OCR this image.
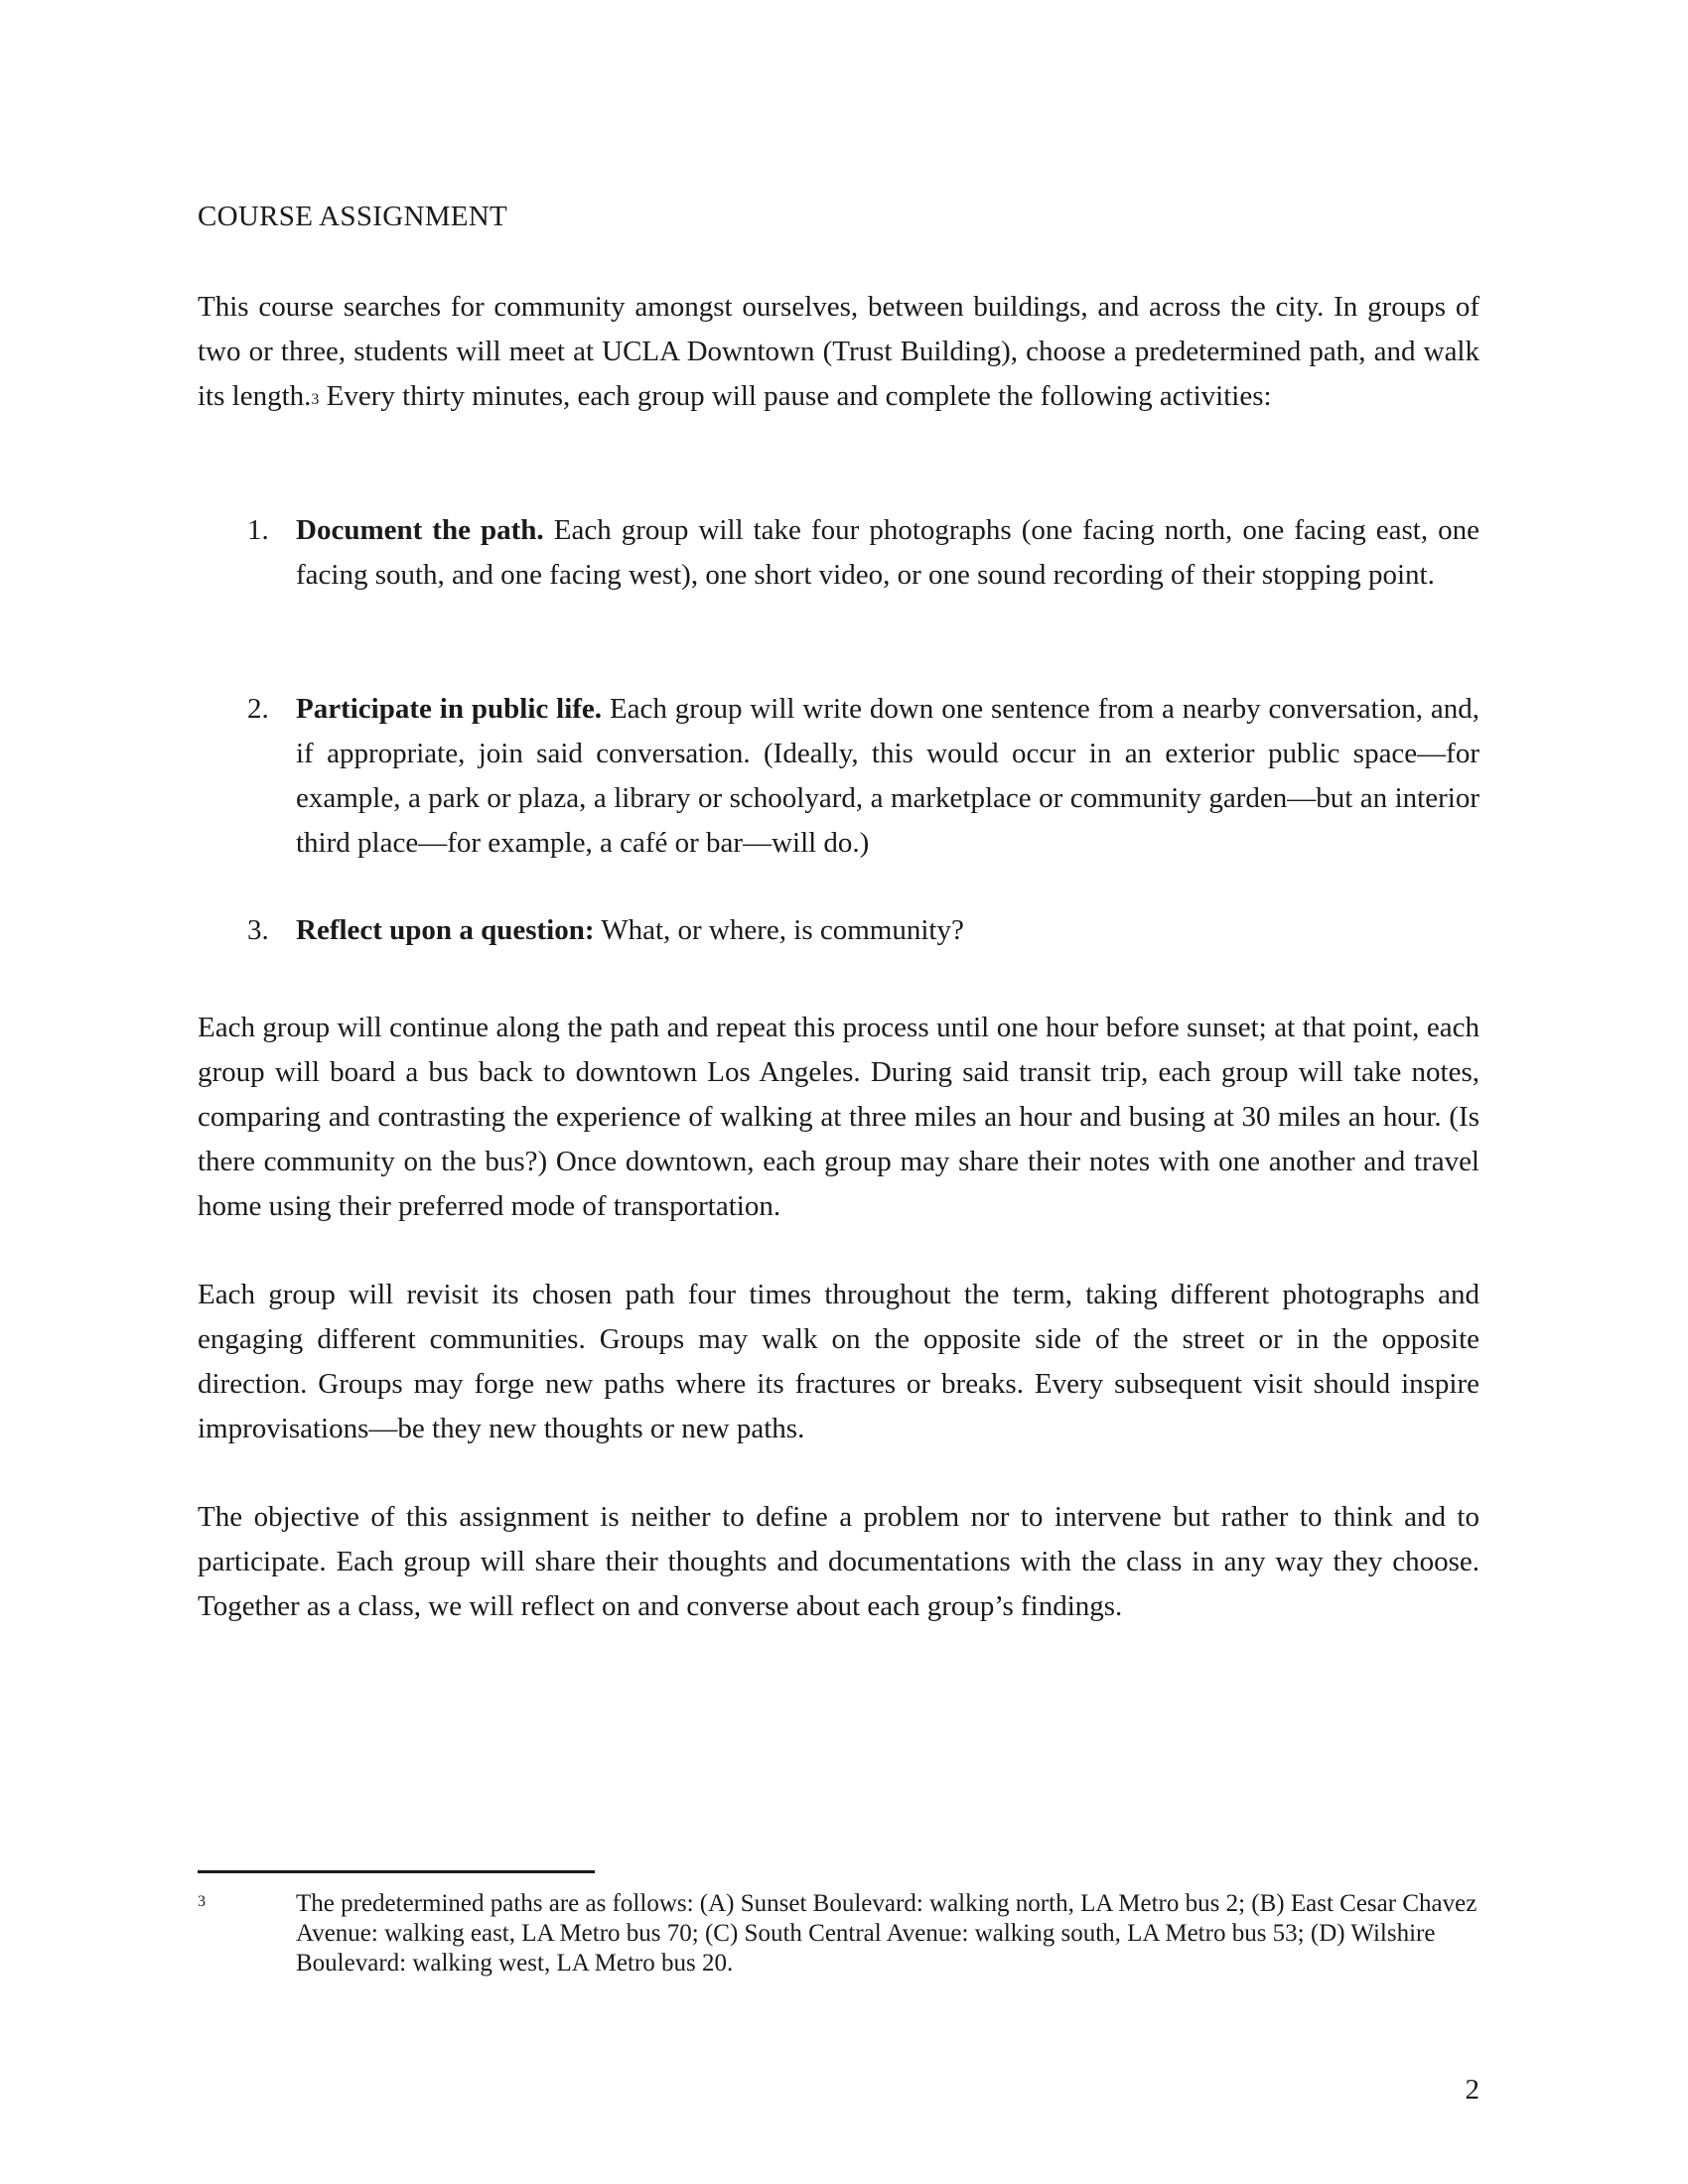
COURSE ASSIGNMENT

This course searches for community amongst ourselves, between buildings, and across the city. In groups of two or three, students will meet at UCLA Downtown (Trust Building), choose a predetermined path, and walk its length.$^3$ Every thirty minutes, each group will pause and complete the following activities:

1. Document the path. Each group will take four photographs (one facing north, one facing east, one facing south, and one facing west), one short video, or one sound recording of their stopping point.
2. Participate in public life. Each group will write down one sentence from a nearby conversation, and, if appropriate, join said conversation. (Ideally, this would occur in an exterior public space—for example, a park or plaza, a library or schoolyard, a marketplace or community garden—but an interior third place—for example, a café or bar—will do.)
3. Reflect upon a question: What, or where, is community?

Each group will continue along the path and repeat this process until one hour before sunset; at that point, each group will board a bus back to downtown Los Angeles. During said transit trip, each group will take notes, comparing and contrasting the experience of walking at three miles an hour and busing at 30 miles an hour. (Is there community on the bus?) Once downtown, each group may share their notes with one another and travel home using their preferred mode of transportation.

Each group will revisit its chosen path four times throughout the term, taking different photographs and engaging different communities. Groups may walk on the opposite side of the street or in the opposite direction. Groups may forge new paths where its fractures or breaks. Every subsequent visit should inspire improvisations—be they new thoughts or new paths.

The objective of this assignment is neither to define a problem nor to intervene but rather to think and to participate. Each group will share their thoughts and documentations with the class in any way they choose. Together as a class, we will reflect on and converse about each group’s findings.

3	The predetermined paths are as follows: (A) Sunset Boulevard: walking north, LA Metro bus 2; (B) East Cesar Chavez Avenue: walking east, LA Metro bus 70; (C) South Central Avenue: walking south, LA Metro bus 53; (D) Wilshire Boulevard: walking west, LA Metro bus 20.
2
